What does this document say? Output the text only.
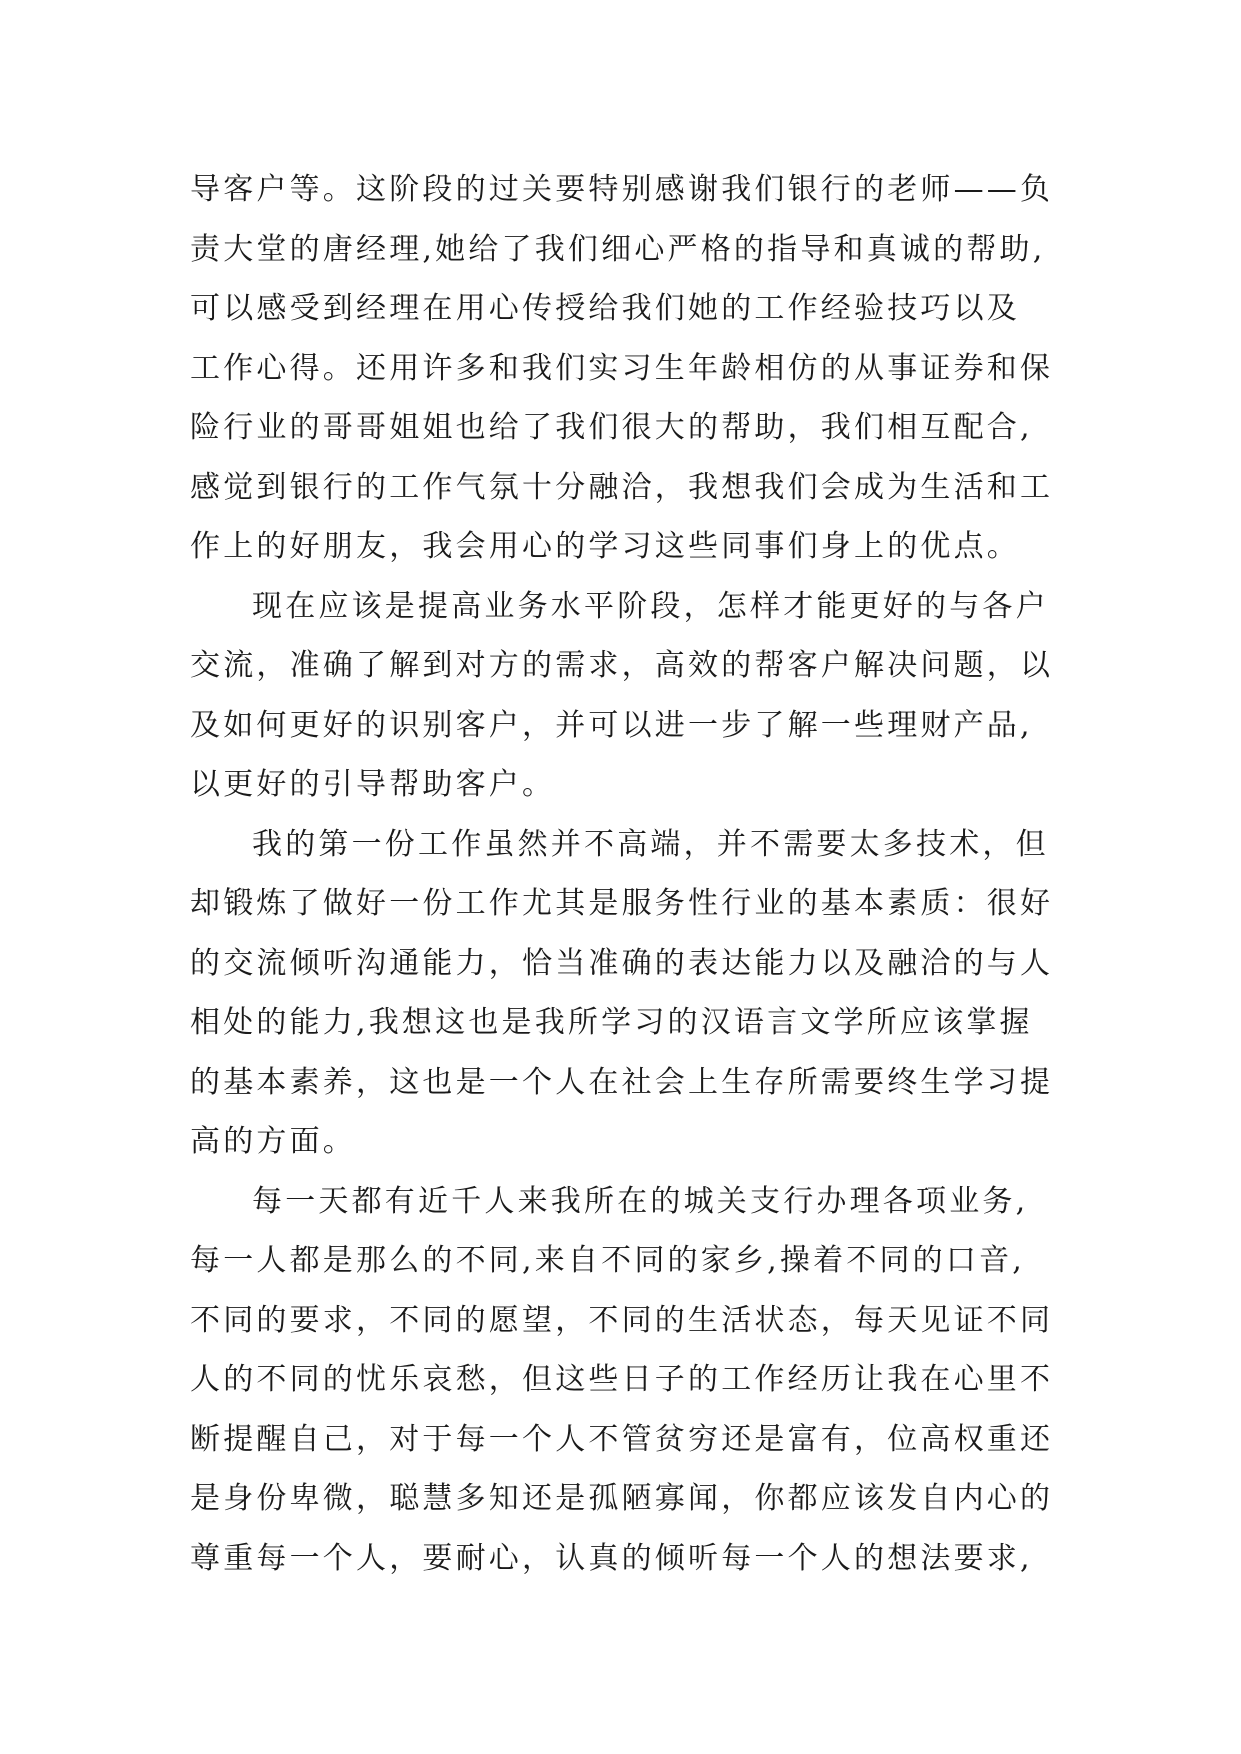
导客户等。这阶段的过关要特别感谢我们银行的老师——负
责大堂的唐经理,她给了我们细心严格的指导和真诚的帮助,
可以感受到经理在用心传授给我们她的工作经验技巧以及
工作心得。还用许多和我们实习生年龄相仿的从事证券和保
险行业的哥哥姐姐也给了我们很大的帮助，我们相互配合,
感觉到银行的工作气氛十分融洽，我想我们会成为生活和工
作上的好朋友，我会用心的学习这些同事们身上的优点。
现在应该是提高业务水平阶段，怎样才能更好的与各户
交流，准确了解到对方的需求，高效的帮客户解决问题，以
及如何更好的识别客户，并可以进一步了解一些理财产品,
以更好的引导帮助客户。
我的第一份工作虽然并不高端，并不需要太多技术，但
却锻炼了做好一份工作尤其是服务性行业的基本素质：很好
的交流倾听沟通能力，恰当准确的表达能力以及融洽的与人
相处的能力,我想这也是我所学习的汉语言文学所应该掌握
的基本素养，这也是一个人在社会上生存所需要终生学习提
高的方面。
每一天都有近千人来我所在的城关支行办理各项业务,
每一人都是那么的不同,来自不同的家乡,操着不同的口音,
不同的要求，不同的愿望，不同的生活状态，每天见证不同
人的不同的忧乐哀愁，但这些日子的工作经历让我在心里不
断提醒自己，对于每一个人不管贫穷还是富有，位高权重还
是身份卑微，聪慧多知还是孤陋寡闻，你都应该发自内心的
尊重每一个人，要耐心，认真的倾听每一个人的想法要求,
